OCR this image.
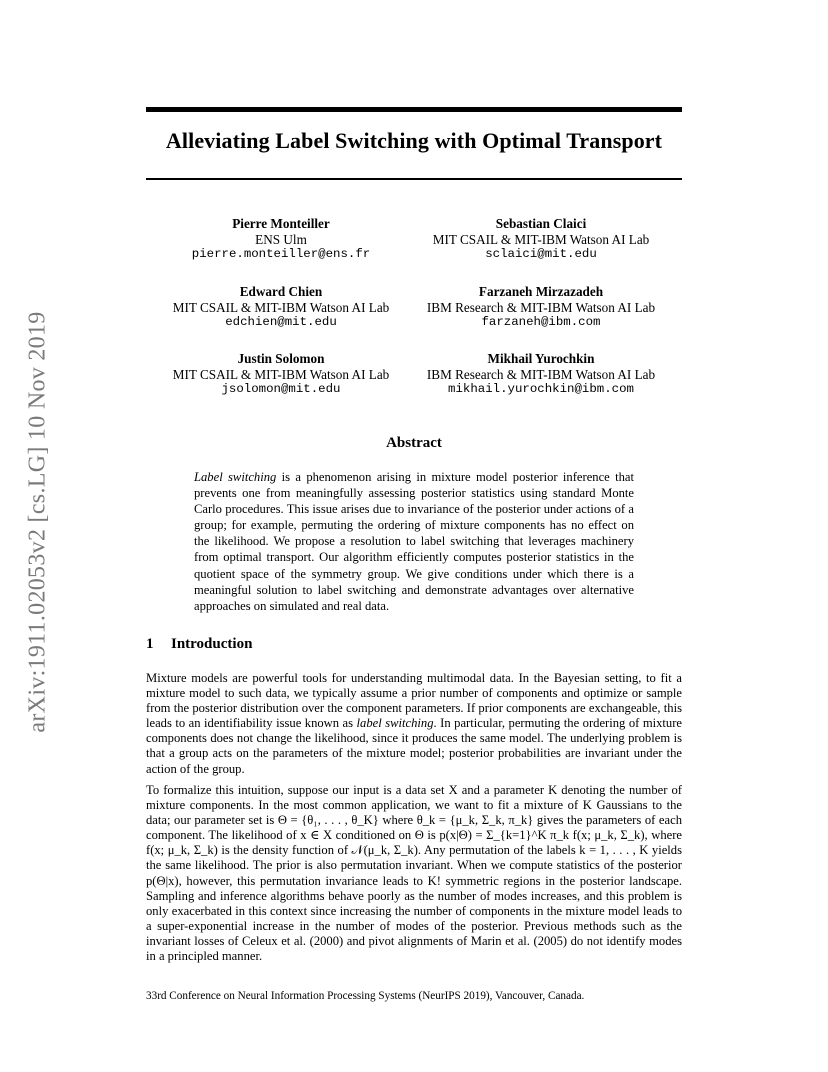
arXiv:1911.02053v2 [cs.LG] 10 Nov 2019
Alleviating Label Switching with Optimal Transport
Pierre Monteiller
ENS Ulm
pierre.monteiller@ens.fr
Sebastian Claici
MIT CSAIL & MIT-IBM Watson AI Lab
sclaici@mit.edu
Edward Chien
MIT CSAIL & MIT-IBM Watson AI Lab
edchien@mit.edu
Farzaneh Mirzazadeh
IBM Research & MIT-IBM Watson AI Lab
farzaneh@ibm.com
Justin Solomon
MIT CSAIL & MIT-IBM Watson AI Lab
jsolomon@mit.edu
Mikhail Yurochkin
IBM Research & MIT-IBM Watson AI Lab
mikhail.yurochkin@ibm.com
Abstract
Label switching is a phenomenon arising in mixture model posterior inference that prevents one from meaningfully assessing posterior statistics using standard Monte Carlo procedures. This issue arises due to invariance of the posterior under actions of a group; for example, permuting the ordering of mixture components has no effect on the likelihood. We propose a resolution to label switching that leverages machinery from optimal transport. Our algorithm efficiently computes posterior statistics in the quotient space of the symmetry group. We give conditions under which there is a meaningful solution to label switching and demonstrate advantages over alternative approaches on simulated and real data.
1 Introduction
Mixture models are powerful tools for understanding multimodal data. In the Bayesian setting, to fit a mixture model to such data, we typically assume a prior number of components and optimize or sample from the posterior distribution over the component parameters. If prior components are exchangeable, this leads to an identifiability issue known as label switching. In particular, permuting the ordering of mixture components does not change the likelihood, since it produces the same model. The underlying problem is that a group acts on the parameters of the mixture model; posterior probabilities are invariant under the action of the group.
To formalize this intuition, suppose our input is a data set X and a parameter K denoting the number of mixture components. In the most common application, we want to fit a mixture of K Gaussians to the data; our parameter set is Θ = {θ₁, . . . , θ_K} where θ_k = {μ_k, Σ_k, π_k} gives the parameters of each component. The likelihood of x ∈ X conditioned on Θ is p(x|Θ) = Σ_{k=1}^K π_k f(x; μ_k, Σ_k), where f(x; μ_k, Σ_k) is the density function of 𝒩(μ_k, Σ_k). Any permutation of the labels k = 1, . . . , K yields the same likelihood. The prior is also permutation invariant. When we compute statistics of the posterior p(Θ|x), however, this permutation invariance leads to K! symmetric regions in the posterior landscape. Sampling and inference algorithms behave poorly as the number of modes increases, and this problem is only exacerbated in this context since increasing the number of components in the mixture model leads to a super-exponential increase in the number of modes of the posterior. Previous methods such as the invariant losses of Celeux et al. (2000) and pivot alignments of Marin et al. (2005) do not identify modes in a principled manner.
33rd Conference on Neural Information Processing Systems (NeurIPS 2019), Vancouver, Canada.
